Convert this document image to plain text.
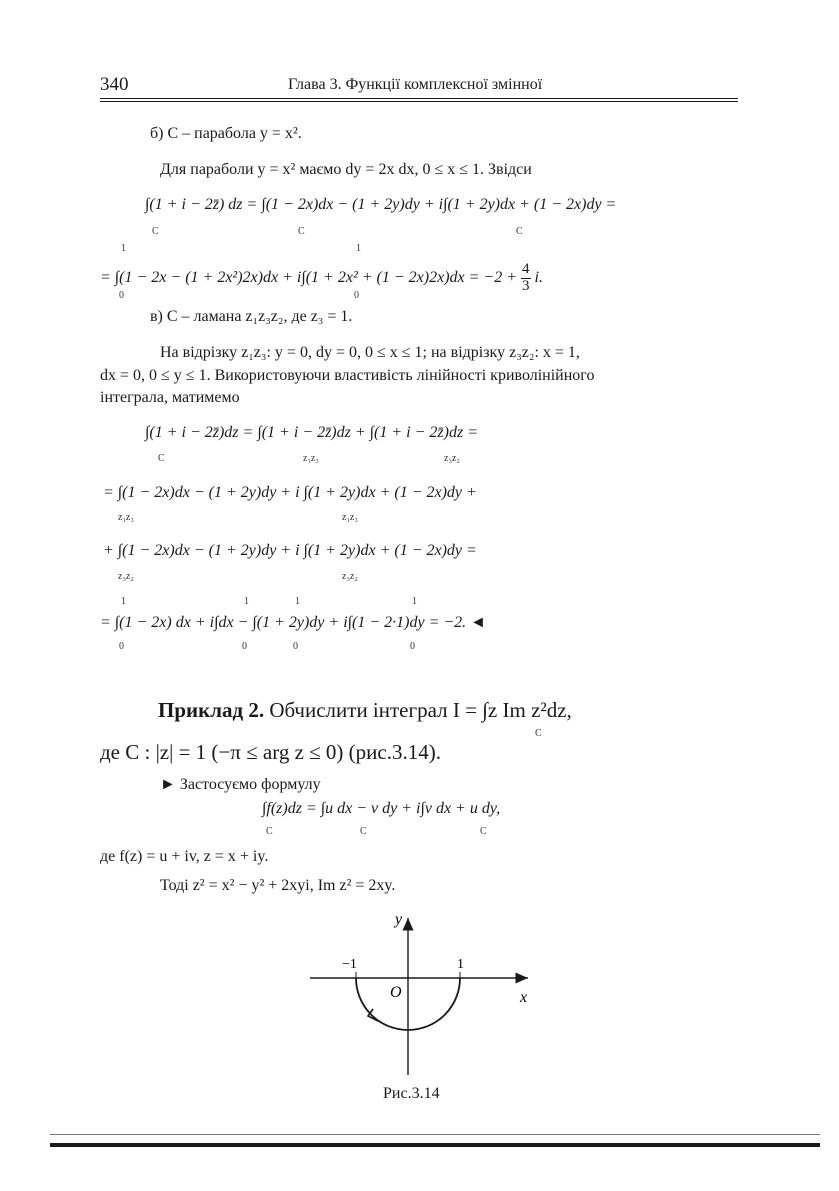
340	Глава 3. Функції комплексної змінної
б) C – парабола y = x².
Для параболи y = x² маємо dy = 2x dx, 0 ≤ x ≤ 1. Звідси
∫(1 + i − 2z̄) dz = ∫(1 − 2x)dx − (1 + 2y)dy + i∫(1 + 2y)dx + (1 − 2x)dy =
C	C	C
1	1
= $\int(1 - 2x - (1 + 2x^2)2x)dx + i\int(1 + 2x^2 + (1 - 2x)2x)dx = -2 + \frac{4}{3} i$.
0	0
в) C – ламана z₁z₃z₂, де z₃ = 1.
На відрізку z₁z₃: y = 0, dy = 0, 0 ≤ x ≤ 1; на відрізку z₃z₂: x = 1,
dx = 0, 0 ≤ y ≤ 1. Використовуючи властивість лінійності криволінійного
інтеграла, матимемо
∫(1 + i − 2z̄)dz = ∫(1 + i − 2z̄)dz + ∫(1 + i − 2z̄)dz =
C	z₁z₃	z₃z₂
= ∫(1 − 2x)dx − (1 + 2y)dy + i ∫(1 + 2y)dx + (1 − 2x)dy +
z₁z₃	z₁z₃
+ ∫(1 − 2x)dx − (1 + 2y)dy + i ∫(1 + 2y)dx + (1 − 2x)dy =
z₃z₂	z₃z₂
1	1	1	1
= ∫(1 − 2x) dx + i∫dx − ∫(1 + 2y)dy + i∫(1 − 2·1)dy = −2. ◄
0	0	0	0
Приклад 2. Обчислити інтеграл I = ∫z Im z²dz,
C
де C : |z| = 1 (−π ≤ arg z ≤ 0) (рис.3.14).
► Застосуємо формулу
∫f(z)dz = ∫u dx − v dy + i∫v dx + u dy,
C	C	C
де f(z) = u + iv, z = x + iy.
Тоді z² = x² − y² + 2xyi, Im z² = 2xy.
y
x
O
−1	1
Рис.3.14
